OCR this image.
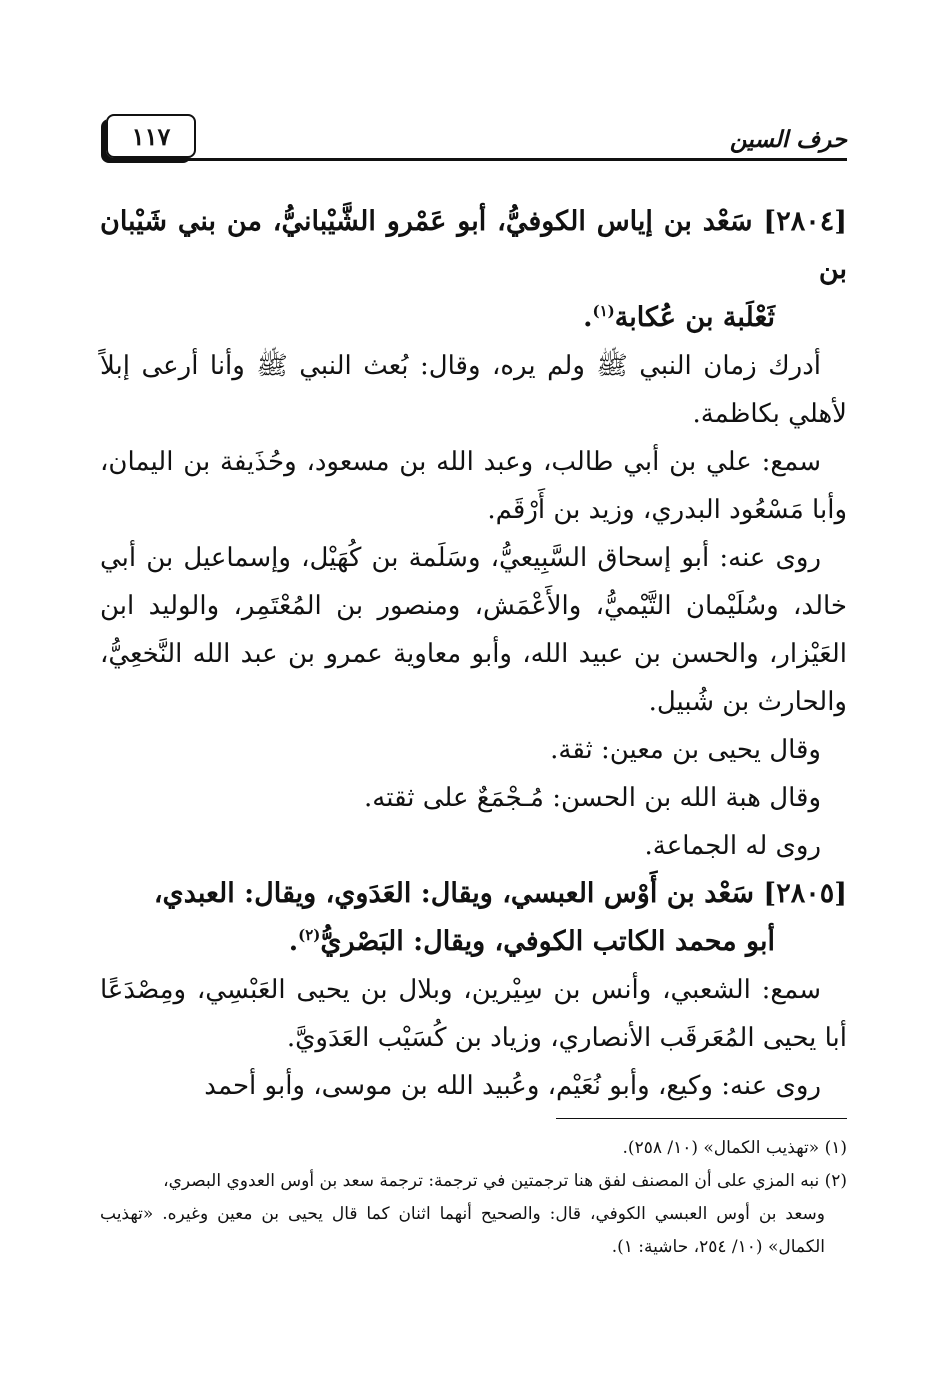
حرف السين
١١٧

[٢٨٠٤] سَعْد بن إياس الكوفيُّ، أبو عَمْرو الشَّيْبانيُّ، من بني شَيْبان بن

ثَعْلَبة بن عُكابة$^{(١)}$.

أدرك زمان النبي ﷺ ولم يره، وقال: بُعث النبي ﷺ وأنا أرعى إبلاً لأهلي بكاظمة.

سمع: علي بن أبي طالب، وعبد الله بن مسعود، وحُذَيفة بن اليمان، وأبا مَسْعُود البدري، وزيد بن أَرْقَم.

روى عنه: أبو إسحاق السَّبِيعيُّ، وسَلَمة بن كُهَيْل، وإسماعيل بن أبي خالد، وسُلَيْمان التَّيْميُّ، والأَعْمَش، ومنصور بن المُعْتَمِر، والوليد ابن العَيْزار، والحسن بن عبيد الله، وأبو معاوية عمرو بن عبد الله النَّخعِيُّ، والحارث بن شُبيل.

وقال يحيى بن معين: ثقة.

وقال هبة الله بن الحسن: مُـجْمَعٌ على ثقته.

روى له الجماعة.

[٢٨٠٥] سَعْد بن أَوْس العبسي، ويقال: العَدَوي، ويقال: العبدي،

أبو محمد الكاتب الكوفي، ويقال: البَصْريُّ$^{(٢)}$.

سمع: الشعبي، وأنس بن سِيْرين، وبلال بن يحيى العَبْسِي، ومِصْدَعًا أبا يحيى المُعَرقَب الأنصاري، وزياد بن كُسَيْب العَدَويَّ.

روى عنه: وكيع، وأبو نُعَيْم، وعُبيد الله بن موسى، وأبو أحمد

(١) «تهذيب الكمال» (١٠/ ٢٥٨).

(٢) نبه المزي على أن المصنف لفق هنا ترجمتين في ترجمة: ترجمة سعد بن أوس العدوي البصري،

وسعد بن أوس العبسي الكوفي، قال: والصحيح أنهما اثنان كما قال يحيى بن معين وغيره. «تهذيب الكمال» (١٠/ ٢٥٤، حاشية: ١).
